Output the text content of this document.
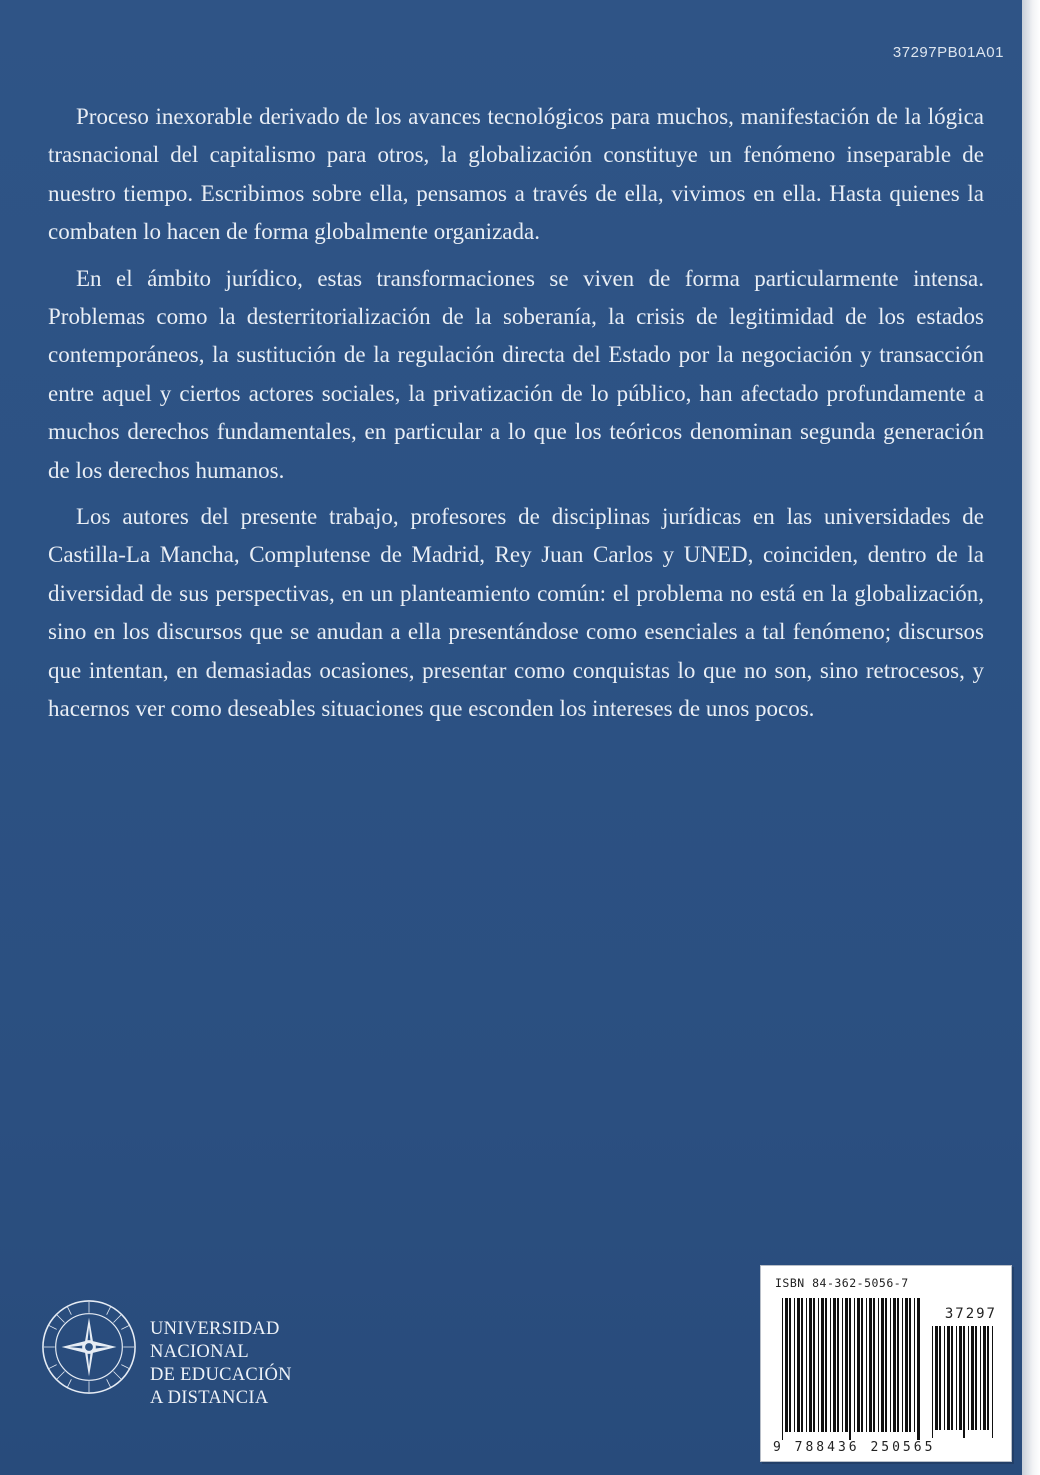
37297PB01A01

Proceso inexorable derivado de los avances tecnológicos para muchos, manifestación de la lógica trasnacional del capitalismo para otros, la globalización constituye un fenómeno inseparable de nuestro tiempo. Escribimos sobre ella, pensamos a través de ella, vivimos en ella. Hasta quienes la combaten lo hacen de forma globalmente organizada.

En el ámbito jurídico, estas transformaciones se viven de forma particularmente intensa. Problemas como la desterritorialización de la soberanía, la crisis de legitimidad de los estados contemporáneos, la sustitución de la regulación directa del Estado por la negociación y transacción entre aquel y ciertos actores sociales, la privatización de lo público, han afectado profundamente a muchos derechos fundamentales, en particular a lo que los teóricos denominan segunda generación de los derechos humanos.

Los autores del presente trabajo, profesores de disciplinas jurídicas en las universidades de Castilla-La Mancha, Complutense de Madrid, Rey Juan Carlos y UNED, coinciden, dentro de la diversidad de sus perspectivas, en un planteamiento común: el problema no está en la globalización, sino en los discursos que se anudan a ella presentándose como esenciales a tal fenómeno; discursos que intentan, en demasiadas ocasiones, presentar como conquistas lo que no son, sino retrocesos, y hacernos ver como deseables situaciones que esconden los intereses de unos pocos.

UNIVERSIDAD
NACIONAL
DE EDUCACIÓN
A DISTANCIA
ISBN 84-362-5056-7
37297
9 788436 250565
